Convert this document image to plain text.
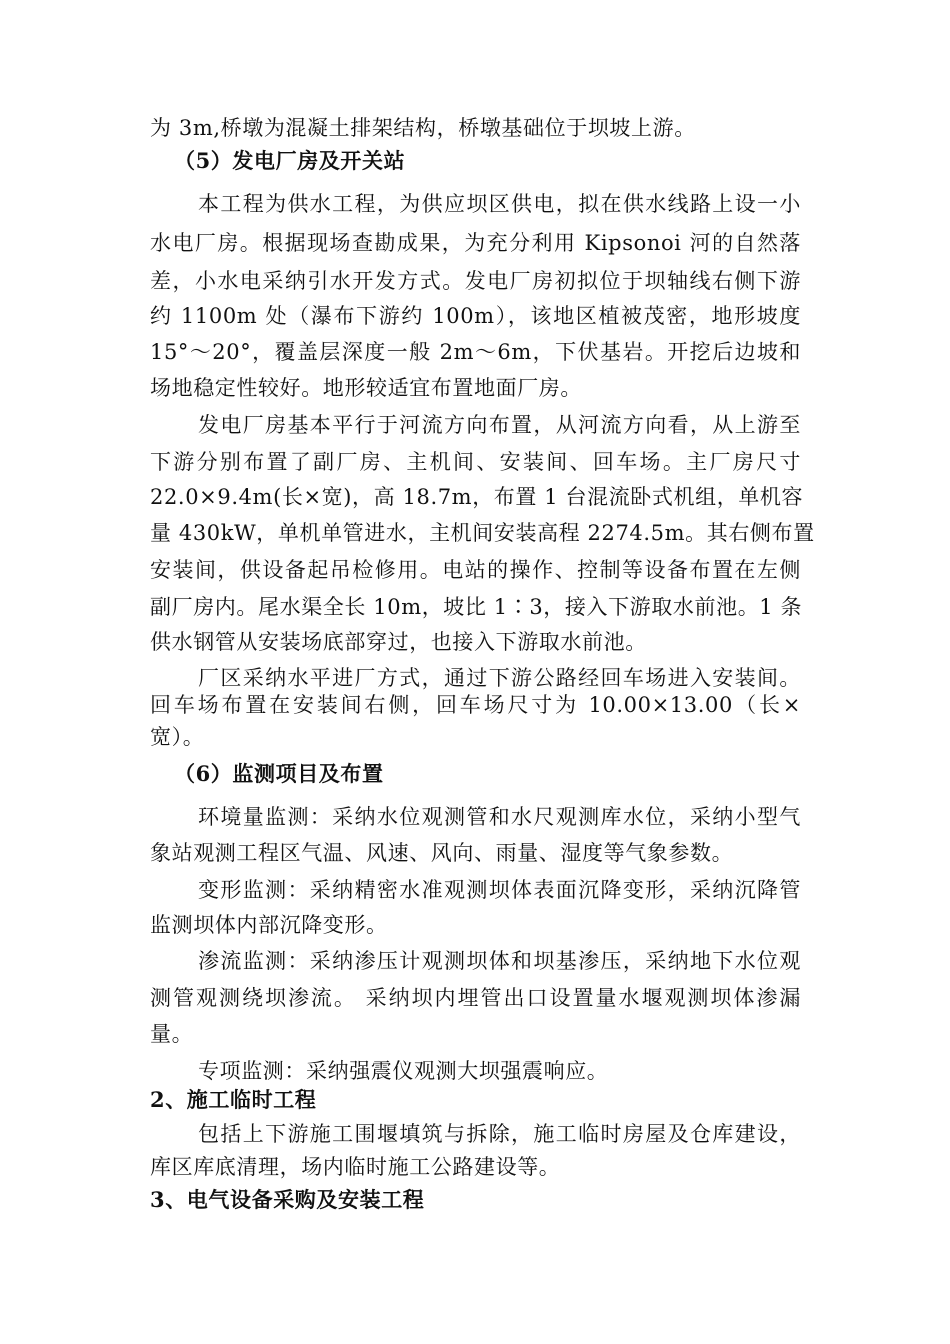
为 3m,桥墩为混凝土排架结构，桥墩基础位于坝坡上游。
（5）发电厂房及开关站
本工程为供水工程，为供应坝区供电，拟在供水线路上设一小
水电厂房。根据现场查勘成果，为充分利用 Kipsonoi 河的自然落
差，小水电采纳引水开发方式。发电厂房初拟位于坝轴线右侧下游
约 1100m 处（瀑布下游约 100m），该地区植被茂密，地形坡度
15°～20°，覆盖层深度一般 2m～6m，下伏基岩。开挖后边坡和
场地稳定性较好。地形较适宜布置地面厂房。
发电厂房基本平行于河流方向布置，从河流方向看，从上游至
下游分别布置了副厂房、主机间、安装间、回车场。主厂房尺寸
22.0×9.4m(长×宽)，高 18.7m，布置 1 台混流卧式机组，单机容
量 430kW，单机单管进水，主机间安装高程 2274.5m。其右侧布置
安装间，供设备起吊检修用。电站的操作、控制等设备布置在左侧
副厂房内。尾水渠全长 10m，坡比 1∶3，接入下游取水前池。1 条
供水钢管从安装场底部穿过，也接入下游取水前池。
厂区采纳水平进厂方式，通过下游公路经回车场进入安装间。
回车场布置在安装间右侧，回车场尺寸为 10.00×13.00（长×
宽）。
（6）监测项目及布置
环境量监测：采纳水位观测管和水尺观测库水位，采纳小型气
象站观测工程区气温、风速、风向、雨量、湿度等气象参数。
变形监测：采纳精密水准观测坝体表面沉降变形，采纳沉降管
监测坝体内部沉降变形。
渗流监测：采纳渗压计观测坝体和坝基渗压，采纳地下水位观
测管观测绕坝渗流。 采纳坝内埋管出口设置量水堰观测坝体渗漏
量。
专项监测：采纳强震仪观测大坝强震响应。
2、施工临时工程
包括上下游施工围堰填筑与拆除，施工临时房屋及仓库建设，
库区库底清理，场内临时施工公路建设等。
3、电气设备采购及安装工程
